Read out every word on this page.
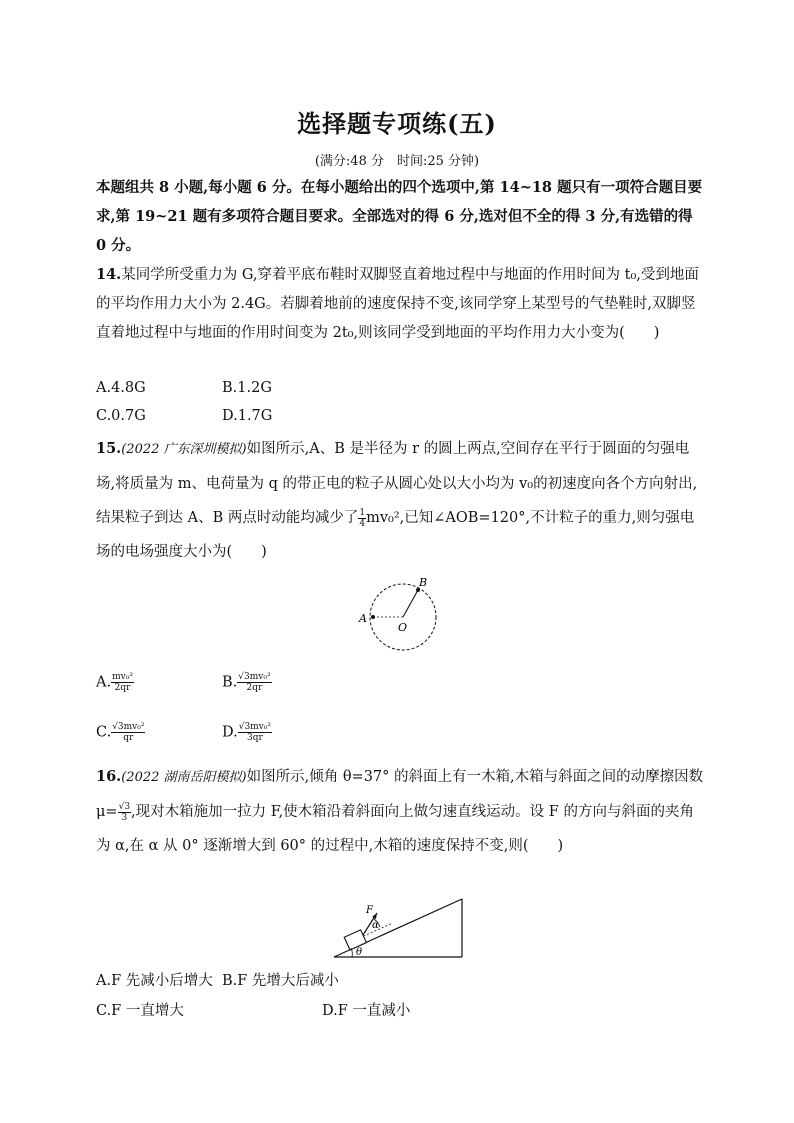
选择题专项练(五)
(满分:48 分　时间:25 分钟)
本题组共 8 小题,每小题 6 分。在每小题给出的四个选项中,第 14~18 题只有一项符合题目要求,第 19~21 题有多项符合题目要求。全部选对的得 6 分,选对但不全的得 3 分,有选错的得 0 分。
14.某同学所受重力为 G,穿着平底布鞋时双脚竖直着地过程中与地面的作用时间为 t₀,受到地面的平均作用力大小为 2.4G。若脚着地前的速度保持不变,该同学穿上某型号的气垫鞋时,双脚竖直着地过程中与地面的作用时间变为 2t₀,则该同学受到地面的平均作用力大小变为(　　)
A.4.8G	B.1.2G
C.0.7G	D.1.7G
15.(2022 广东深圳模拟)如图所示,A、B 是半径为 r 的圆上两点,空间存在平行于圆面的匀强电场,将质量为 m、电荷量为 q 的带正电的粒子从圆心处以大小均为 v₀的初速度向各个方向射出,结果粒子到达 A、B 两点时动能均减少了 $\frac{1}{4} mv_0^2$,已知∠AOB=120°,不计粒子的重力,则匀强电场的电场强度大小为(　　)
A
B
O
A. $\frac{\text{mv₀²}}{2qr}$	B. $\frac{\text{√3mv₀²}}{2qr}$
C. $\frac{\text{√3mv₀²}}{qr}$	D. $\frac{\text{√3mv₀²}}{3qr}$
16.(2022 湖南岳阳模拟)如图所示,倾角 θ=37° 的斜面上有一木箱,木箱与斜面之间的动摩擦因数 $\mu= \frac{√3}{3}$ ,现对木箱施加一拉力 F,使木箱沿着斜面向上做匀速直线运动。设 F 的方向与斜面的夹角为 α,在 α 从 0° 逐渐增大到 60° 的过程中,木箱的速度保持不变,则(　　)
F
α
θ
A.F 先减小后增大 B.F 先增大后减小
C.F 一直增大	D.F 一直减小
